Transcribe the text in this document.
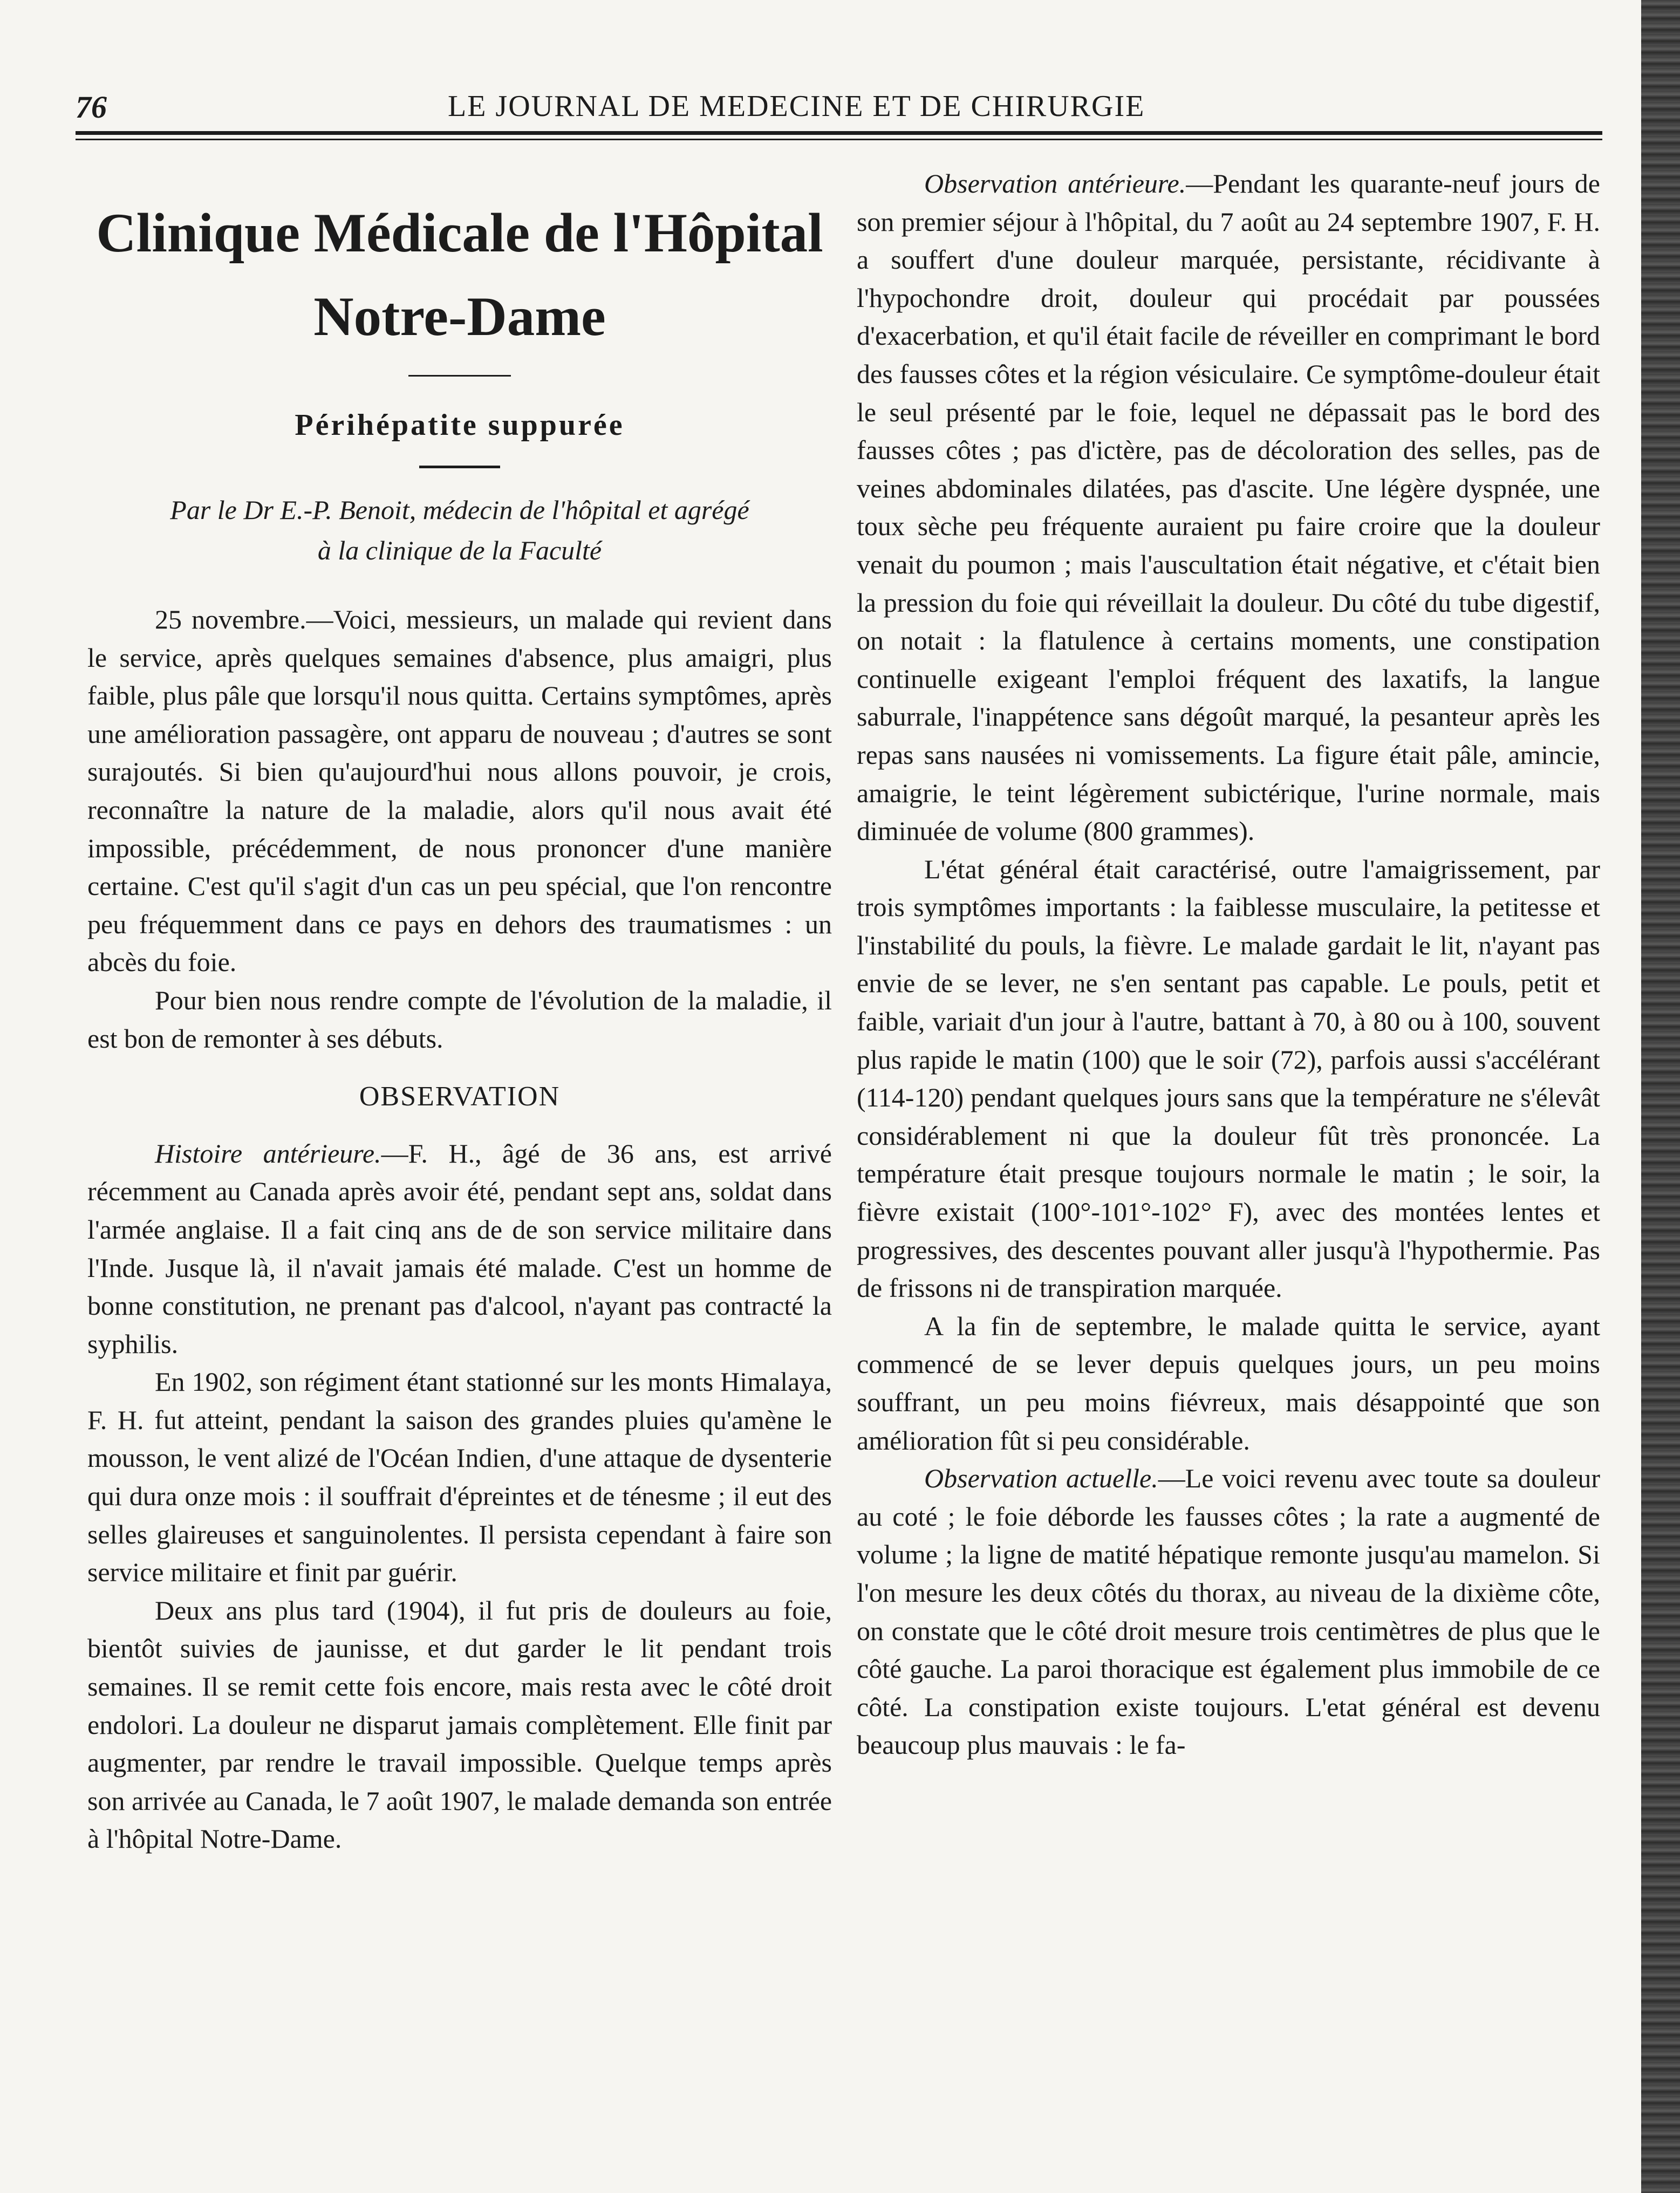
76	LE JOURNAL DE MEDECINE ET DE CHIRURGIE
Clinique Médicale de l'Hôpital
Notre-Dame
Périhépatite suppurée
Par le Dr E.-P. Benoit, médecin de l'hôpital et agrégé
à la clinique de la Faculté

25 novembre.—Voici, messieurs, un malade qui revient dans le service, après quelques semaines d'absence, plus amaigri, plus faible, plus pâle que lorsqu'il nous quitta. Certains symptômes, après une amélioration passagère, ont apparu de nouveau ; d'autres se sont surajoutés. Si bien qu'aujourd'hui nous allons pouvoir, je crois, reconnaître la nature de la maladie, alors qu'il nous avait été impossible, précédemment, de nous prononcer d'une manière certaine. C'est qu'il s'agit d'un cas un peu spécial, que l'on rencontre peu fréquemment dans ce pays en dehors des traumatismes : un abcès du foie.

Pour bien nous rendre compte de l'évolution de la maladie, il est bon de remonter à ses débuts.

OBSERVATION

Histoire antérieure.—F. H., âgé de 36 ans, est arrivé récemment au Canada après avoir été, pendant sept ans, soldat dans l'armée anglaise. Il a fait cinq ans de de son service militaire dans l'Inde. Jusque là, il n'avait jamais été malade. C'est un homme de bonne constitution, ne prenant pas d'alcool, n'ayant pas contracté la syphilis.

En 1902, son régiment étant stationné sur les monts Himalaya, F. H. fut atteint, pendant la saison des grandes pluies qu'amène le mousson, le vent alizé de l'Océan Indien, d'une attaque de dysenterie qui dura onze mois : il souffrait d'épreintes et de ténesme ; il eut des selles glaireuses et sanguinolentes. Il persista cependant à faire son service militaire et finit par guérir.

Deux ans plus tard (1904), il fut pris de douleurs au foie, bientôt suivies de jaunisse, et dut garder le lit pendant trois semaines. Il se remit cette fois encore, mais resta avec le côté droit endolori. La douleur ne disparut jamais complètement. Elle finit par augmenter, par rendre le travail impossible. Quelque temps après son arrivée au Canada, le 7 août 1907, le malade demanda son entrée à l'hôpital Notre-Dame.

Observation antérieure.—Pendant les quarante-neuf jours de son premier séjour à l'hôpital, du 7 août au 24 septembre 1907, F. H. a souffert d'une douleur marquée, persistante, récidivante à l'hypochondre droit, douleur qui procédait par poussées d'exacerbation, et qu'il était facile de réveiller en comprimant le bord des fausses côtes et la région vésiculaire. Ce symptôme-douleur était le seul présenté par le foie, lequel ne dépassait pas le bord des fausses côtes ; pas d'ictère, pas de décoloration des selles, pas de veines abdominales dilatées, pas d'ascite. Une légère dyspnée, une toux sèche peu fréquente auraient pu faire croire que la douleur venait du poumon ; mais l'auscultation était négative, et c'était bien la pression du foie qui réveillait la douleur. Du côté du tube digestif, on notait : la flatulence à certains moments, une constipation continuelle exigeant l'emploi fréquent des laxatifs, la langue saburrale, l'inappétence sans dégoût marqué, la pesanteur après les repas sans nausées ni vomissements. La figure était pâle, amincie, amaigrie, le teint légèrement subictérique, l'urine normale, mais diminuée de volume (800 grammes).

L'état général était caractérisé, outre l'amaigrissement, par trois symptômes importants : la faiblesse musculaire, la petitesse et l'instabilité du pouls, la fièvre. Le malade gardait le lit, n'ayant pas envie de se lever, ne s'en sentant pas capable. Le pouls, petit et faible, variait d'un jour à l'autre, battant à 70, à 80 ou à 100, souvent plus rapide le matin (100) que le soir (72), parfois aussi s'accélérant (114-120) pendant quelques jours sans que la température ne s'élevât considérablement ni que la douleur fût très prononcée. La température était presque toujours normale le matin ; le soir, la fièvre existait (100°-101°-102° F), avec des montées lentes et progressives, des descentes pouvant aller jusqu'à l'hypothermie. Pas de frissons ni de transpiration marquée.

A la fin de septembre, le malade quitta le service, ayant commencé de se lever depuis quelques jours, un peu moins souffrant, un peu moins fiévreux, mais désappointé que son amélioration fût si peu considérable.

Observation actuelle.—Le voici revenu avec toute sa douleur au coté ; le foie déborde les fausses côtes ; la rate a augmenté de volume ; la ligne de matité hépatique remonte jusqu'au mamelon. Si l'on mesure les deux côtés du thorax, au niveau de la dixième côte, on constate que le côté droit mesure trois centimètres de plus que le côté gauche. La paroi thoracique est également plus immobile de ce côté. La constipation existe toujours. L'etat général est devenu beaucoup plus mauvais : le fa-
